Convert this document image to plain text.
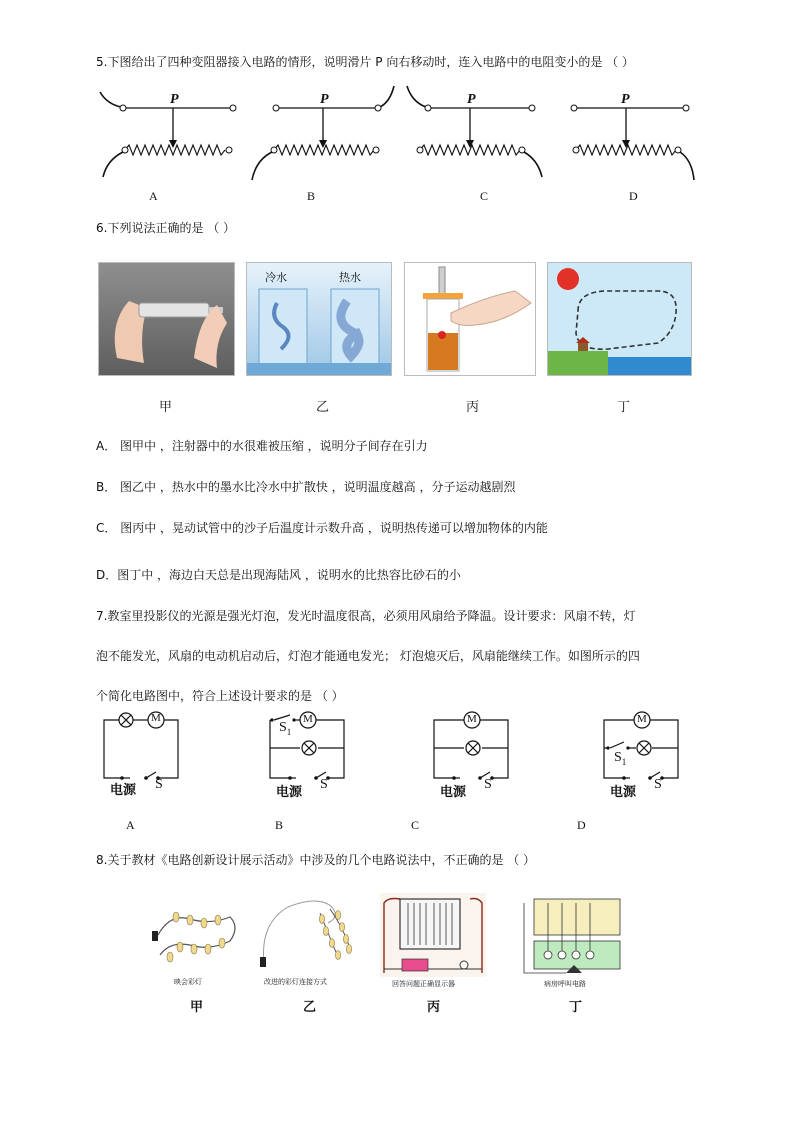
5.下图给出了四种变阻器接入电路的情形，说明滑片 P 向右移动时，连入电路中的电阻变小的是 （ ）
P
A
P
B
P
C
P
D
6.下列说法正确的是 （ ）
冷水	热水
甲	乙	丙	丁
A． 图甲中 ，注射器中的水很难被压缩 ，说明分子间存在引力
B． 图乙中 ，热水中的墨水比冷水中扩散快 ，说明温度越高 ，分子运动越剧烈
C． 图丙中 ，晃动试管中的沙子后温度计示数升高 ，说明热传递可以增加物体的内能
D．图丁中 ，海边白天总是出现海陆风 ，说明水的比热容比砂石的小
7.教室里投影仪的光源是强光灯泡，发光时温度很高，必须用风扇给予降温。设计要求：风扇不转，灯
泡不能发光，风扇的电动机启动后，灯泡才能通电发光； 灯泡熄灭后，风扇能继续工作。如图所示的四
个简化电路图中，符合上述设计要求的是 （ ）
M
电源 S
A
M
$S_1$
电源
S
B
M
电源
S
C
M
$S_1$
电源
S
D
8.关于教材《电路创新设计展示活动》中涉及的几个电路说法中，不正确的是 （ ）
映会彩灯	改进的彩灯连接方式	回答问题正确显示器	病房呼叫电路
甲	乙	丙	丁
